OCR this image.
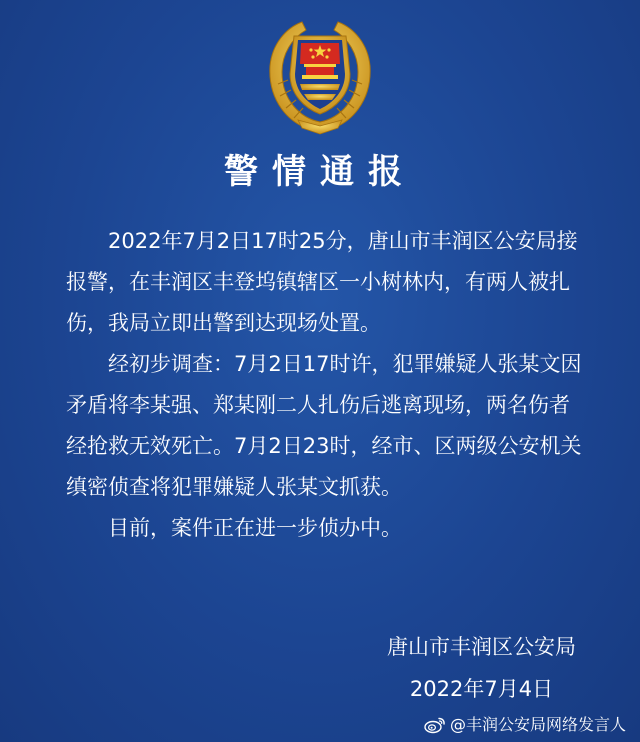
警情通报

2022年7月2日17时25分，唐山市丰润区公安局接报警，在丰润区丰登坞镇辖区一小树林内，有两人被扎伤，我局立即出警到达现场处置。

经初步调查：7月2日17时许，犯罪嫌疑人张某文因矛盾将李某强、郑某刚二人扎伤后逃离现场，两名伤者经抢救无效死亡。7月2日23时，经市、区两级公安机关缜密侦查将犯罪嫌疑人张某文抓获。

目前，案件正在进一步侦办中。

唐山市丰润区公安局
2022年7月4日
@丰润公安局网络发言人
